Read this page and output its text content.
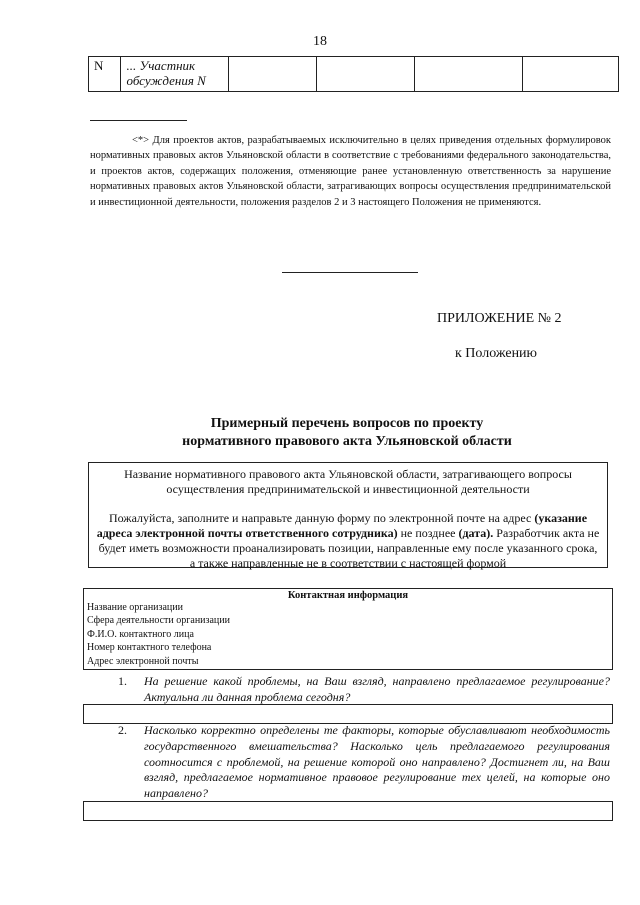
18
N	... Участник обсуждения N				
<*> Для проектов актов, разрабатываемых исключительно в целях приведения отдельных формулировок нормативных правовых актов Ульяновской области в соответствие с требованиями федерального законодательства, и проектов актов, содержащих положения, отменяющие ранее установленную ответственность за нарушение нормативных правовых актов Ульяновской области, затрагивающих вопросы осуществления предпринимательской и инвестиционной деятельности, положения разделов 2 и 3 настоящего Положения не применяются.
ПРИЛОЖЕНИЕ № 2
к Положению
Примерный перечень вопросов по проекту
нормативного правового акта Ульяновской области
Название нормативного правового акта Ульяновской области, затрагивающего вопросы осуществления предпринимательской и инвестиционной деятельности
Пожалуйста, заполните и направьте данную форму по электронной почте на адрес (указание адреса электронной почты ответственного сотрудника) не позднее (дата). Разработчик акта не будет иметь возможности проанализировать позиции, направленные ему после указанного срока, а также направленные не в соответствии с настоящей формой
Контактная информация
Название организации
Сфера деятельности организации
Ф.И.О. контактного лица
Номер контактного телефона
Адрес электронной почты
1. На решение какой проблемы, на Ваш взгляд, направлено предлагаемое регулирование? Актуальна ли данная проблема сегодня?
2. Насколько корректно определены те факторы, которые обуславливают необходимость государственного вмешательства? Насколько цель предлагаемого регулирования соотносится с проблемой, на решение которой оно направлено? Достигнет ли, на Ваш взгляд, предлагаемое нормативное правовое регулирование тех целей, на которые оно направлено?
